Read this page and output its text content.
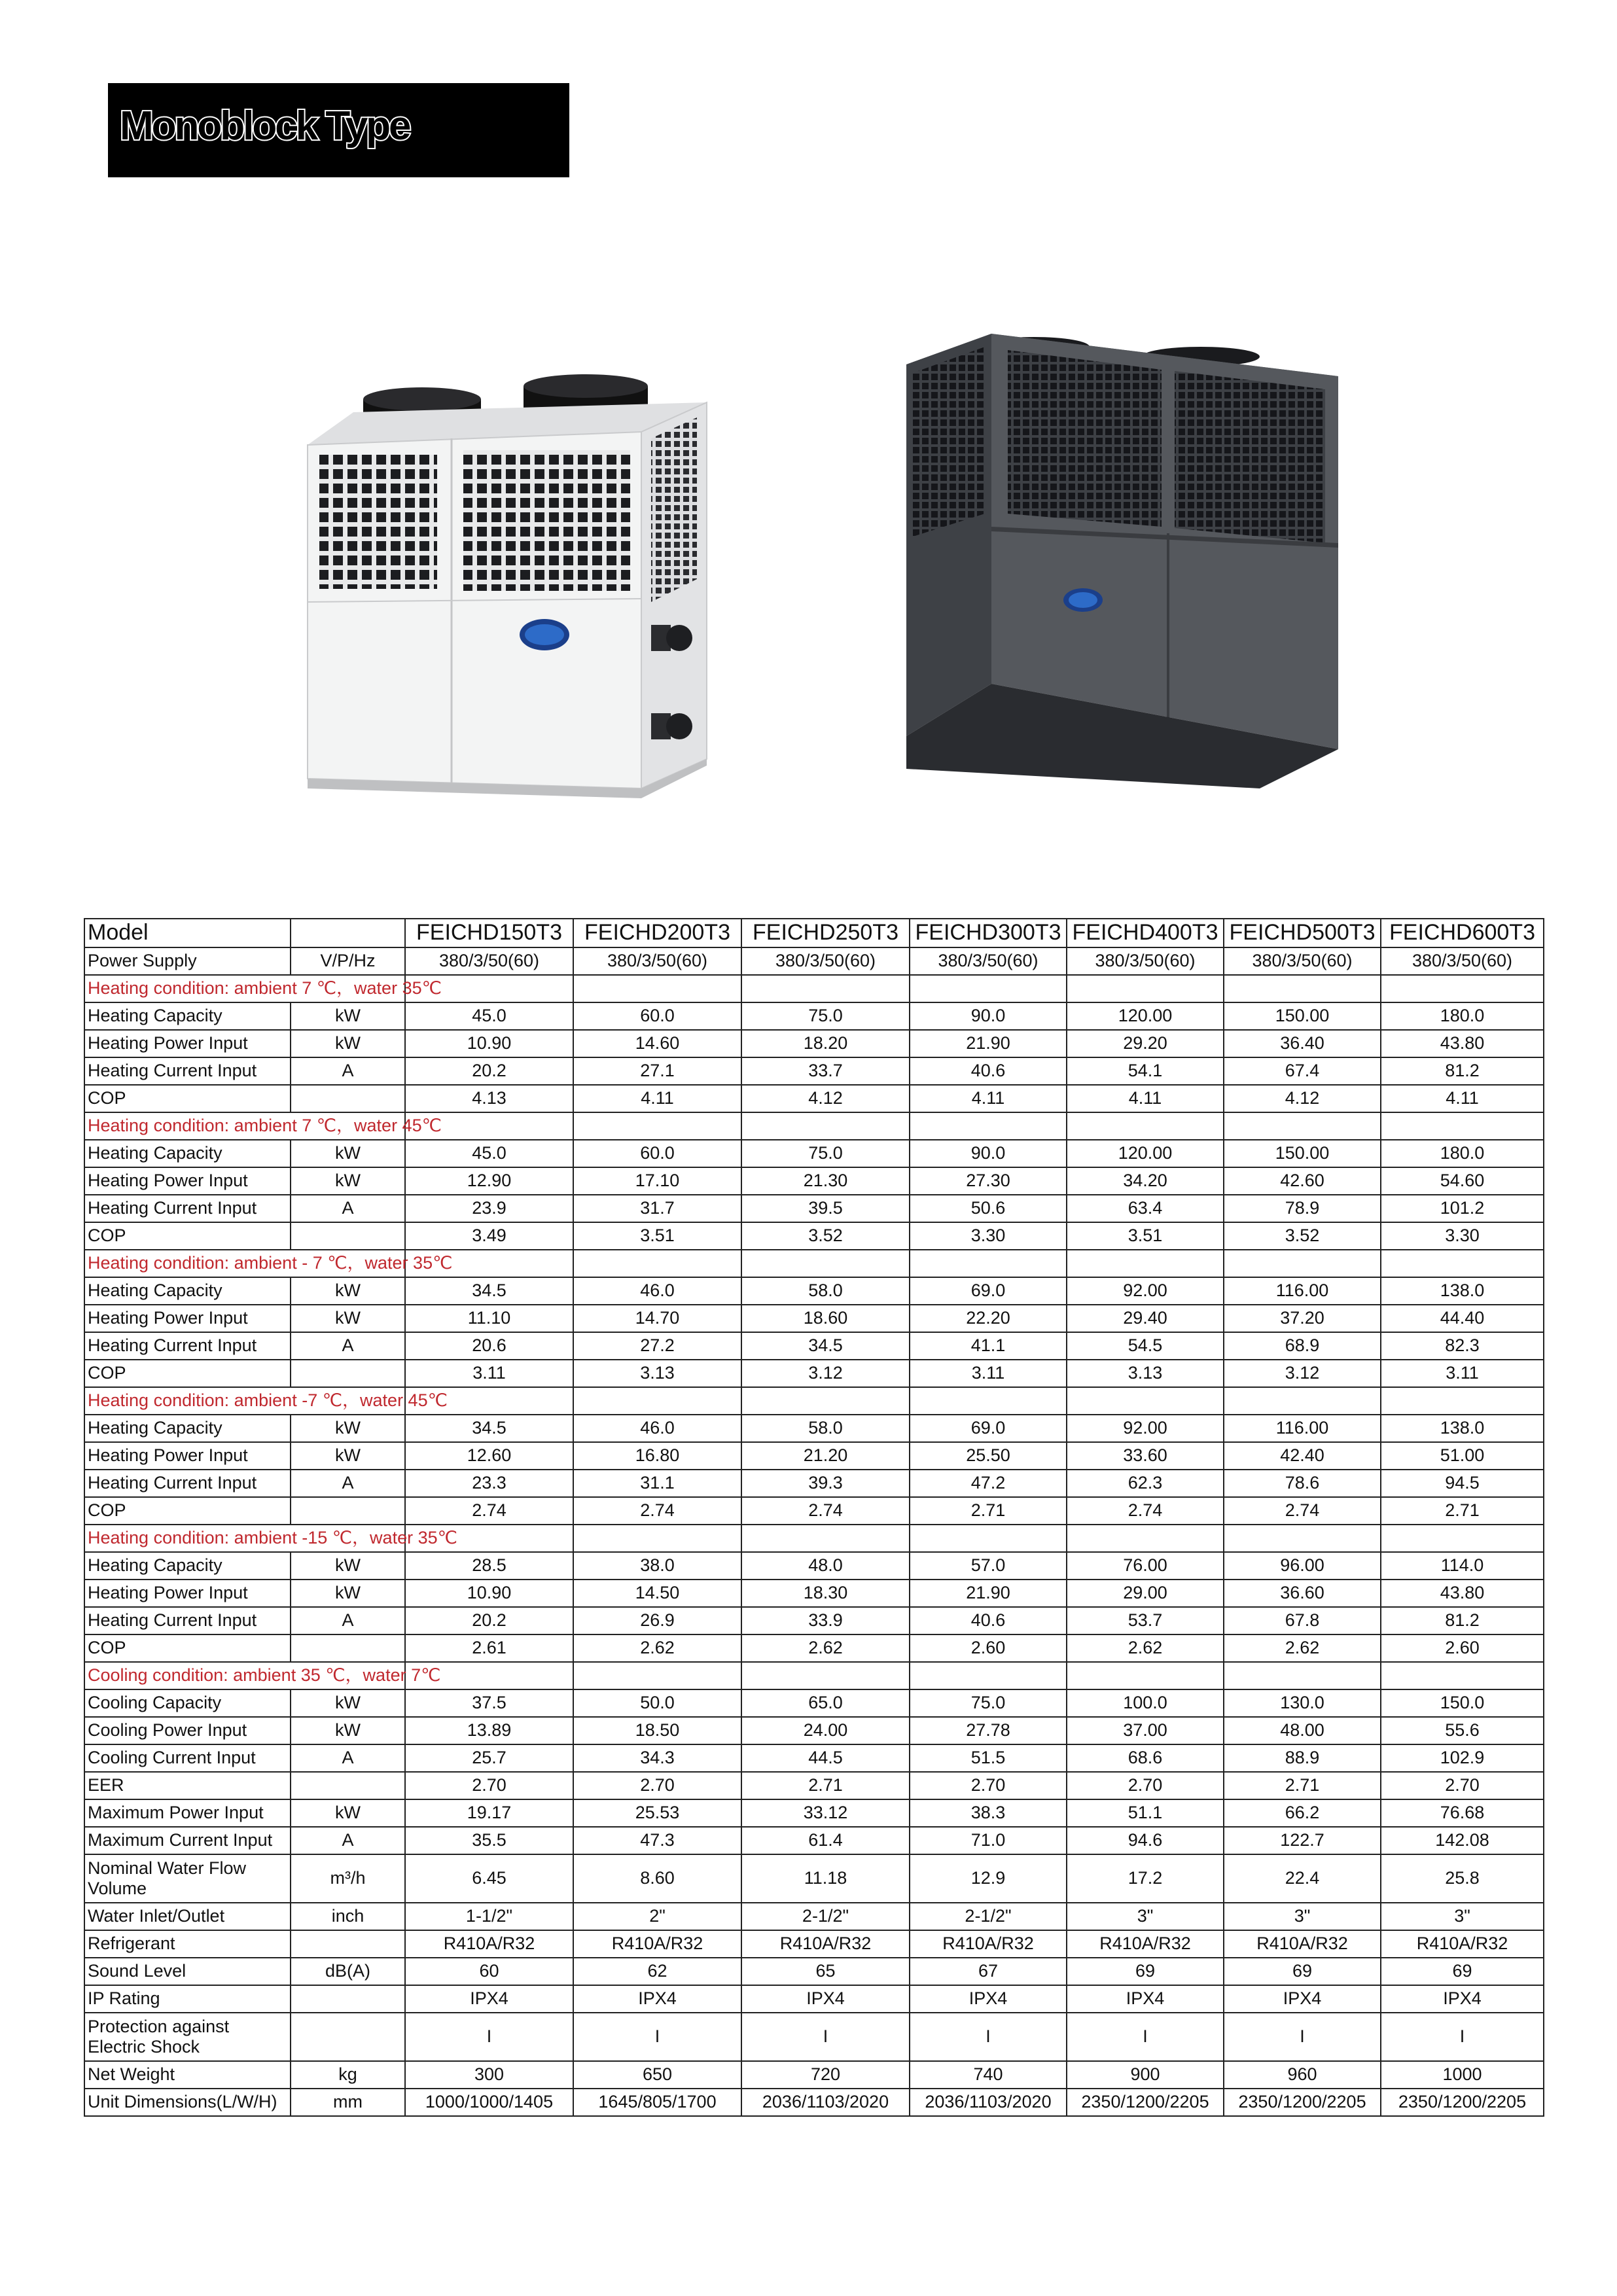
Monoblock Type
Model		FEICHD150T3	FEICHD200T3	FEICHD250T3	FEICHD300T3	FEICHD400T3	FEICHD500T3	FEICHD600T3
Power Supply	V/P/Hz	380/3/50(60)	380/3/50(60)	380/3/50(60)	380/3/50(60)	380/3/50(60)	380/3/50(60)	380/3/50(60)
Heating condition: ambient 7 ℃，water 35℃								
Heating Capacity	kW	45.0	60.0	75.0	90.0	120.00	150.00	180.0
Heating Power Input	kW	10.90	14.60	18.20	21.90	29.20	36.40	43.80
Heating Current Input	A	20.2	27.1	33.7	40.6	54.1	67.4	81.2
COP		4.13	4.11	4.12	4.11	4.11	4.12	4.11
Heating condition: ambient 7 ℃，water 45℃								
Heating Capacity	kW	45.0	60.0	75.0	90.0	120.00	150.00	180.0
Heating Power Input	kW	12.90	17.10	21.30	27.30	34.20	42.60	54.60
Heating Current Input	A	23.9	31.7	39.5	50.6	63.4	78.9	101.2
COP		3.49	3.51	3.52	3.30	3.51	3.52	3.30
Heating condition: ambient - 7 ℃，water 35℃								
Heating Capacity	kW	34.5	46.0	58.0	69.0	92.00	116.00	138.0
Heating Power Input	kW	11.10	14.70	18.60	22.20	29.40	37.20	44.40
Heating Current Input	A	20.6	27.2	34.5	41.1	54.5	68.9	82.3
COP		3.11	3.13	3.12	3.11	3.13	3.12	3.11
Heating condition: ambient -7 ℃，water 45℃								
Heating Capacity	kW	34.5	46.0	58.0	69.0	92.00	116.00	138.0
Heating Power Input	kW	12.60	16.80	21.20	25.50	33.60	42.40	51.00
Heating Current Input	A	23.3	31.1	39.3	47.2	62.3	78.6	94.5
COP		2.74	2.74	2.74	2.71	2.74	2.74	2.71
Heating condition: ambient -15 ℃，water 35℃								
Heating Capacity	kW	28.5	38.0	48.0	57.0	76.00	96.00	114.0
Heating Power Input	kW	10.90	14.50	18.30	21.90	29.00	36.60	43.80
Heating Current Input	A	20.2	26.9	33.9	40.6	53.7	67.8	81.2
COP		2.61	2.62	2.62	2.60	2.62	2.62	2.60
Cooling condition: ambient 35 ℃，water 7℃								
Cooling Capacity	kW	37.5	50.0	65.0	75.0	100.0	130.0	150.0
Cooling Power Input	kW	13.89	18.50	24.00	27.78	37.00	48.00	55.6
Cooling Current Input	A	25.7	34.3	44.5	51.5	68.6	88.9	102.9
EER		2.70	2.70	2.71	2.70	2.70	2.71	2.70
Maximum Power Input	kW	19.17	25.53	33.12	38.3	51.1	66.2	76.68
Maximum Current Input	A	35.5	47.3	61.4	71.0	94.6	122.7	142.08
Nominal Water Flow Volume	m³/h	6.45	8.60	11.18	12.9	17.2	22.4	25.8
Water Inlet/Outlet	inch	1-1/2"	2"	2-1/2"	2-1/2"	3"	3"	3"
Refrigerant		R410A/R32	R410A/R32	R410A/R32	R410A/R32	R410A/R32	R410A/R32	R410A/R32
Sound Level	dB(A)	60	62	65	67	69	69	69
IP Rating		IPX4	IPX4	IPX4	IPX4	IPX4	IPX4	IPX4
Protection against Electric Shock		I	I	I	I	I	I	I
Net Weight	kg	300	650	720	740	900	960	1000
Unit Dimensions(L/W/H)	mm	1000/1000/1405	1645/805/1700	2036/1103/2020	2036/1103/2020	2350/1200/2205	2350/1200/2205	2350/1200/2205
